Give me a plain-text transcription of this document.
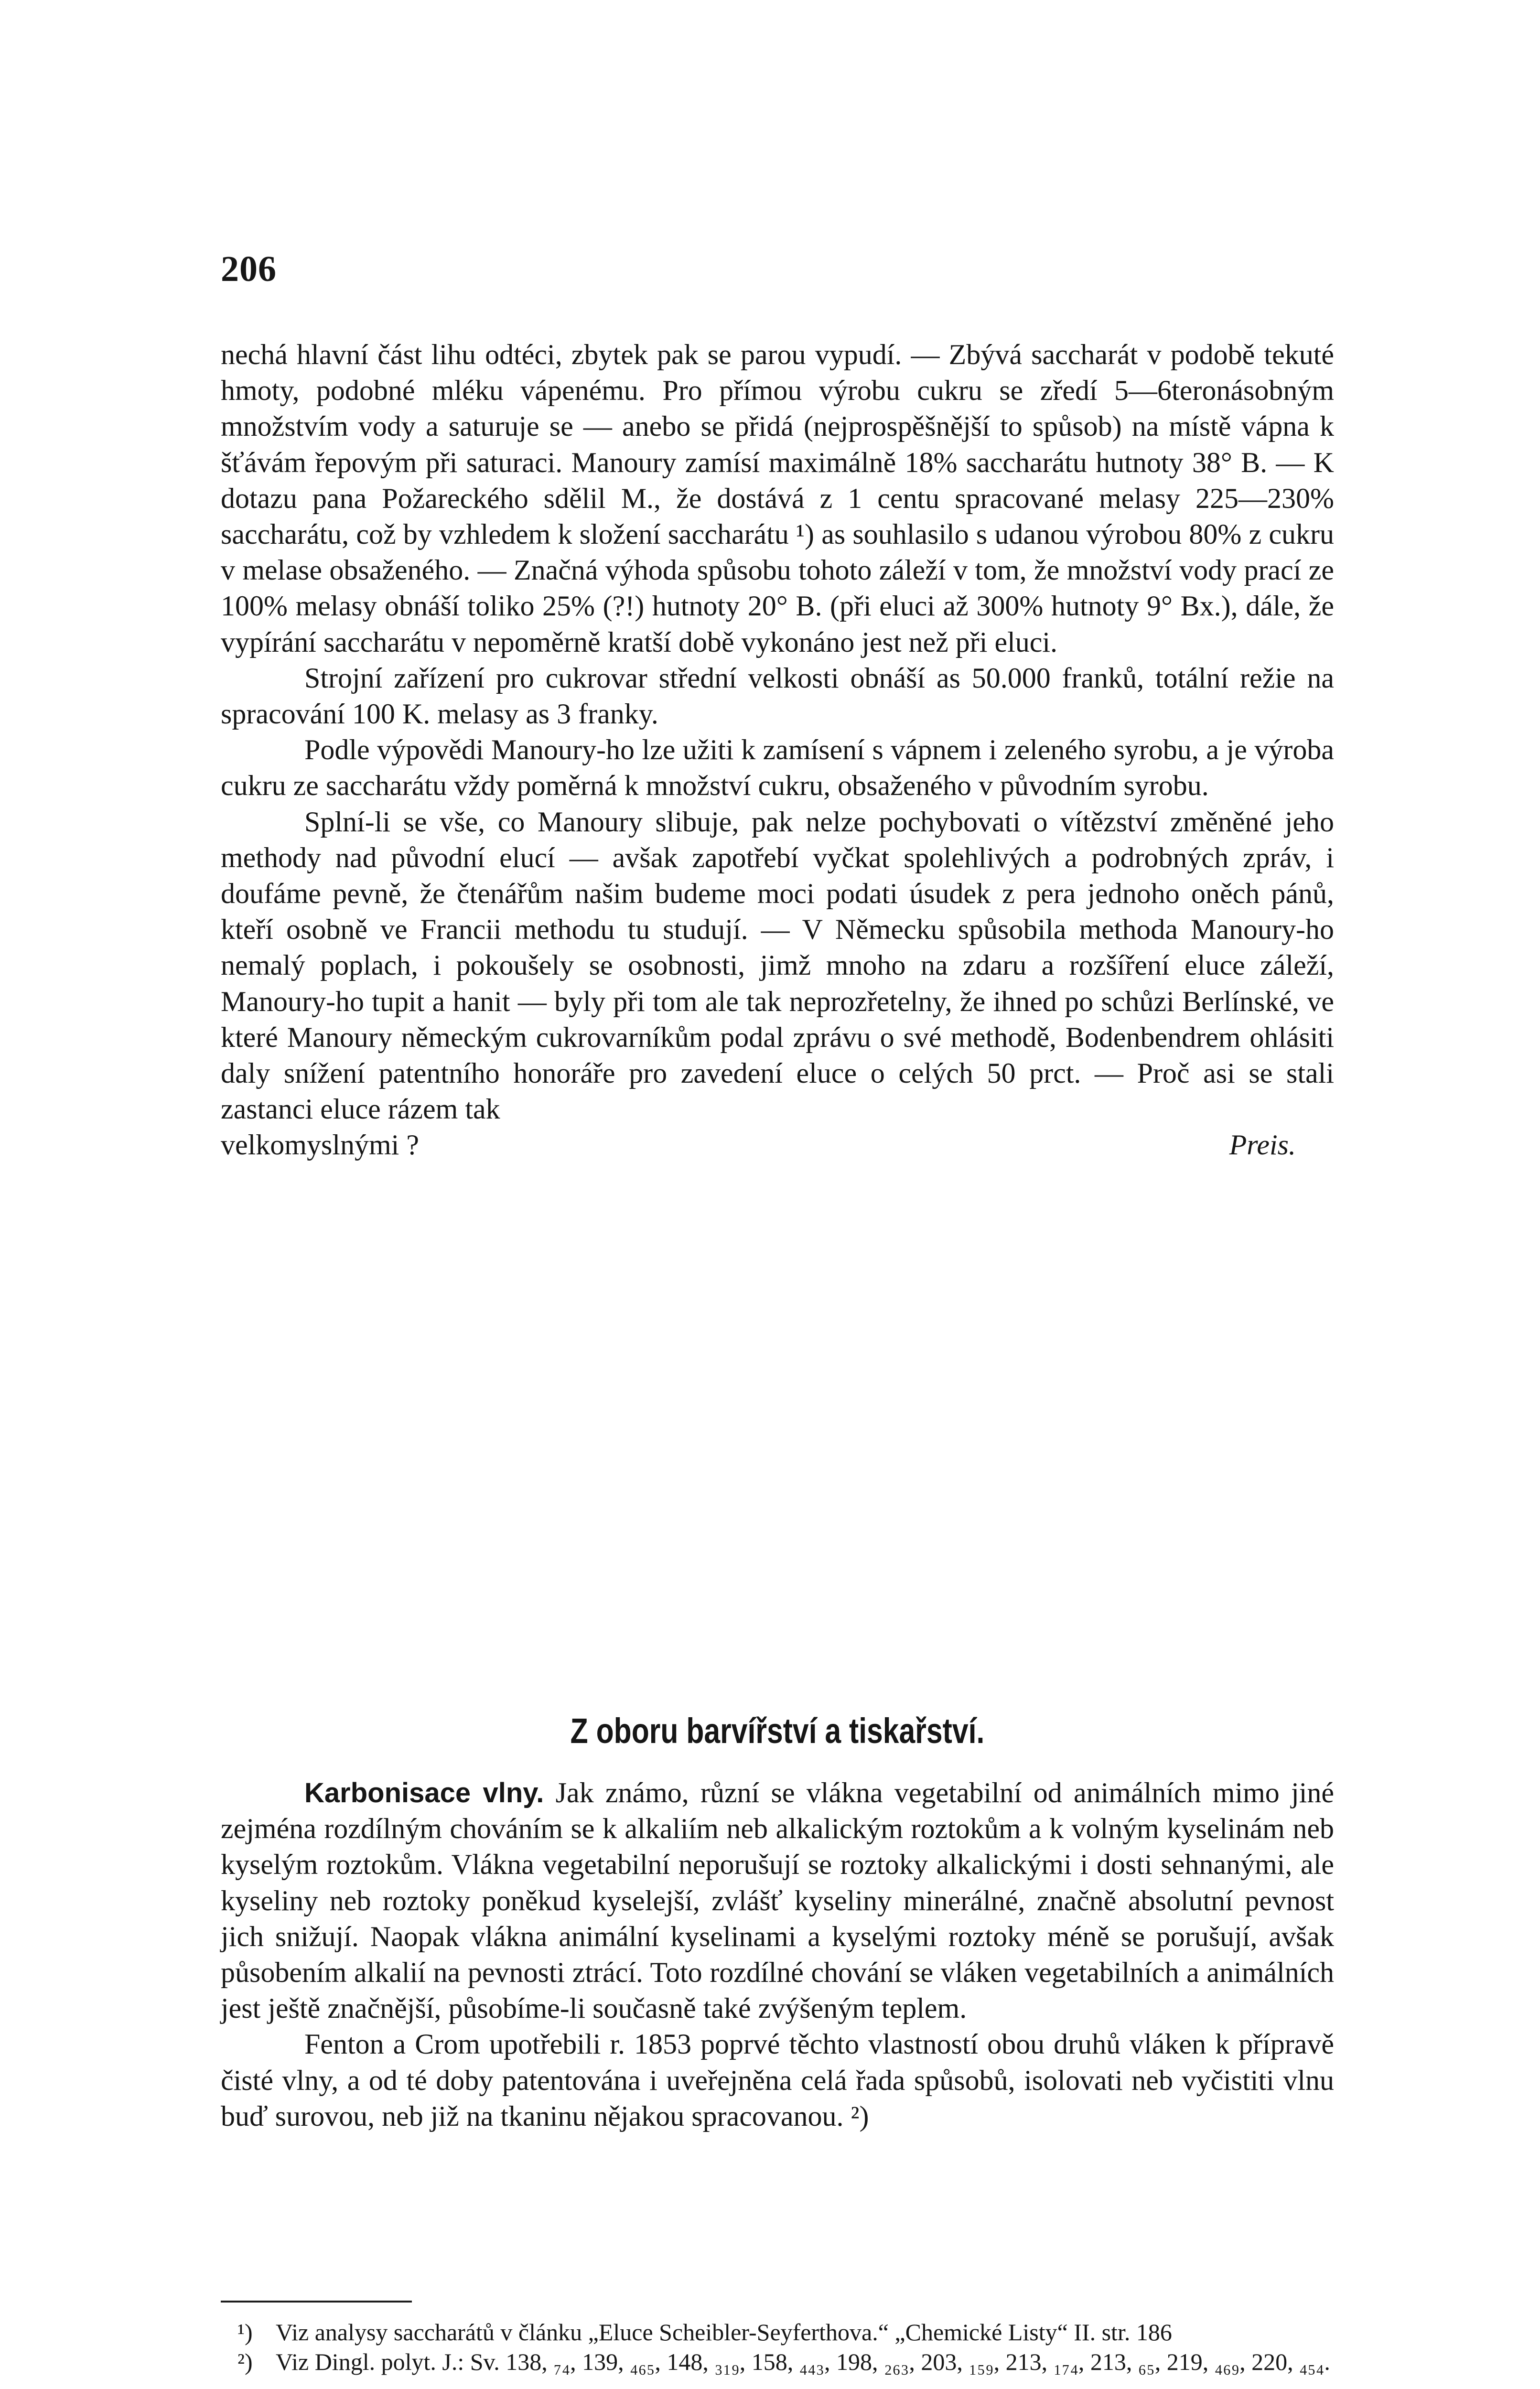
206

nechá hlavní část lihu odtéci, zbytek pak se parou vypudí. — Zbývá saccharát v podobě tekuté hmoty, podobné mléku vápenému. Pro přímou výrobu cukru se zředí 5—6teronásobným množstvím vody a saturuje se — anebo se přidá (nejprospěšnější to spůsob) na místě vápna k šťávám řepovým při saturaci. Manoury zamísí maximálně 18% saccharátu hutnoty 38° B. — K dotazu pana Požareckého sdělil M., že dostává z 1 centu spracované melasy 225—230% saccharátu, což by vzhledem k složení saccharátu ¹) as souhlasilo s udanou výrobou 80% z cukru v melase obsaženého. — Značná výhoda spůsobu tohoto záleží v tom, že množství vody prací ze 100% melasy obnáší toliko 25% (?!) hutnoty 20° B. (při eluci až 300% hutnoty 9° Bx.), dále, že vypírání saccharátu v nepoměrně kratší době vykonáno jest než při eluci.

Strojní zařízení pro cukrovar střední velkosti obnáší as 50.000 franků, totální režie na spracování 100 K. melasy as 3 franky.

Podle výpovědi Manoury-ho lze užiti k zamísení s vápnem i zeleného syrobu, a je výroba cukru ze saccharátu vždy poměrná k množství cukru, obsaženého v původním syrobu.

Splní-li se vše, co Manoury slibuje, pak nelze pochybovati o vítězství změněné jeho methody nad původní elucí — avšak zapotřebí vyčkat spolehlivých a podrobných zpráv, i doufáme pevně, že čtenářům našim budeme moci podati úsudek z pera jednoho oněch pánů, kteří osobně ve Francii methodu tu studují. — V Německu spůsobila methoda Manoury-ho nemalý poplach, i pokoušely se osobnosti, jimž mnoho na zdaru a rozšíření eluce záleží, Manoury-ho tupit a hanit — byly při tom ale tak neprozřetelny, že ihned po schůzi Berlínské, ve které Manoury německým cukrovarníkům podal zprávu o své methodě, Bodenbendrem ohlásiti daly snížení patentního honoráře pro zavedení eluce o celých 50 prct. — Proč asi se stali zastanci eluce rázem tak

velkomyslnými ?	Preis.
Z oboru barvířství a tiskařství.

Karbonisace vlny. Jak známo, různí se vlákna vegetabilní od animálních mimo jiné zejména rozdílným chováním se k alkaliím neb alkalickým roztokům a k volným kyselinám neb kyselým roztokům. Vlákna vegetabilní neporušují se roztoky alkalickými i dosti sehnanými, ale kyseliny neb roztoky poněkud kyselejší, zvlášť kyseliny minerálné, značně absolutní pevnost jich snižují. Naopak vlákna animální kyselinami a kyselými roztoky méně se porušují, avšak působením alkalií na pevnosti ztrácí. Toto rozdílné chování se vláken vegetabilních a animálních jest ještě značnější, působíme-li současně také zvýšeným teplem.

Fenton a Crom upotřebili r. 1853 poprvé těchto vlastností obou druhů vláken k přípravě čisté vlny, a od té doby patentována i uveřejněna celá řada spůsobů, isolovati neb vyčistiti vlnu buď surovou, neb již na tkaninu nějakou spracovanou. ²)

¹) Viz analysy saccharátů v článku „Eluce Scheibler-Seyferthova.“ „Chemické Listy“ II. str. 186
²) Viz Dingl. polyt. J.: Sv. 138, ₇₄, 139, ₄₆₅, 148, ₃₁₉, 158, ₄₄₃, 198, ₂₆₃, 203, ₁₅₉, 213, ₁₇₄, 213, ₆₅, 219, ₄₆₉, 220, ₄₅₄.
